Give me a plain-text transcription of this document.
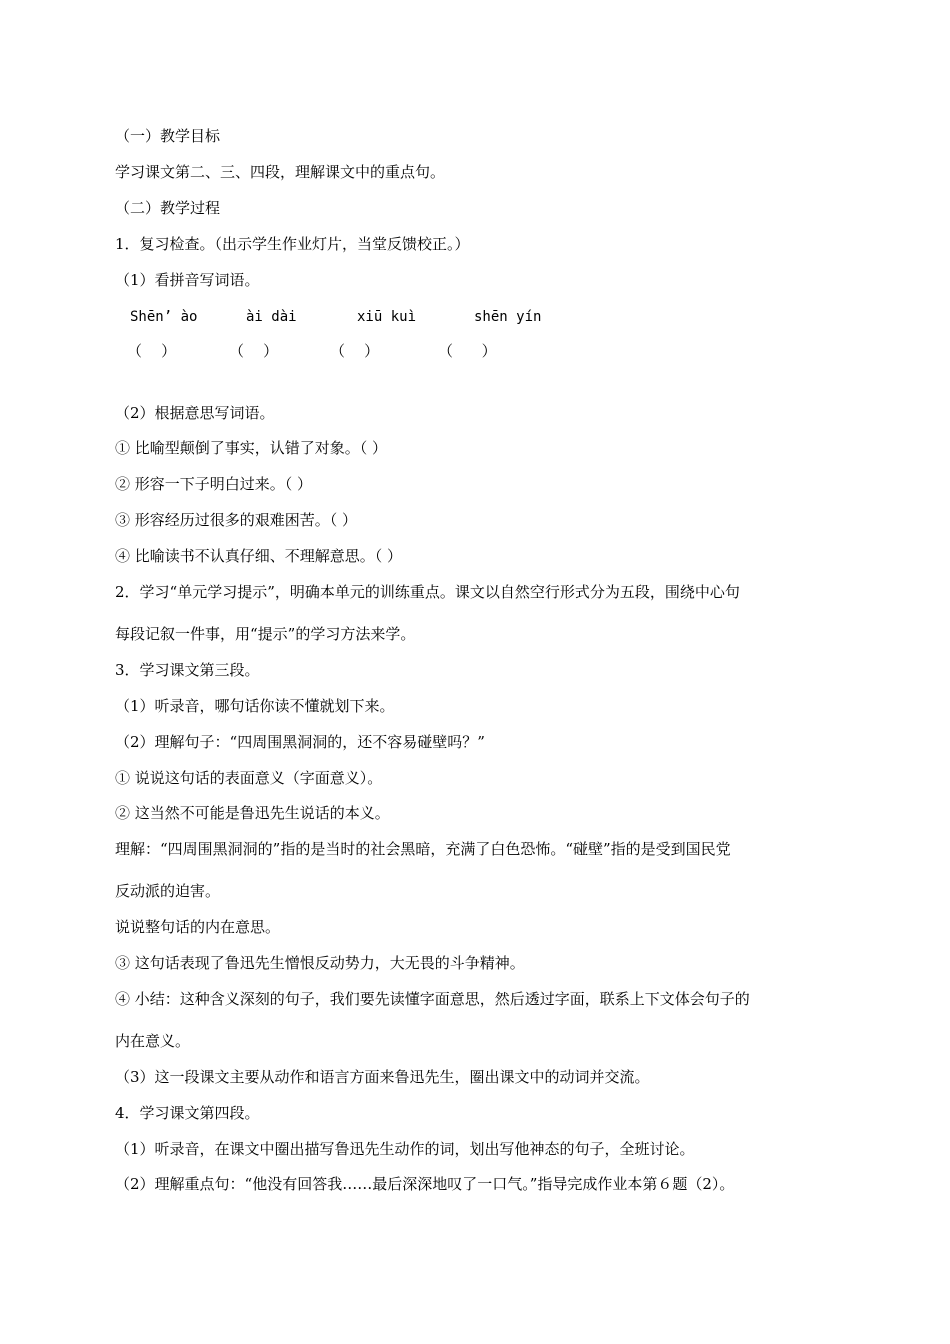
（一）教学目标
学习课文第二、三、四段，理解课文中的重点句。
（二）教学过程
1．复习检查。（出示学生作业灯片，当堂反馈校正。）
（1）看拼音写词语。
Shēn’ ào	ài dài	xiū kuì	shēn yín
（    ）	（    ）	（    ）	（      ）
（2）根据意思写词语。
① 比喻型颠倒了事实，认错了对象。（ ）
② 形容一下子明白过来。（ ）
③ 形容经历过很多的艰难困苦。（ ）
④ 比喻读书不认真仔细、不理解意思。（ ）
2．学习“单元学习提示”，明确本单元的训练重点。课文以自然空行形式分为五段，围绕中心句
每段记叙一件事，用“提示”的学习方法来学。
3．学习课文第三段。
（1）听录音，哪句话你读不懂就划下来。
（2）理解句子：“四周围黑洞洞的，还不容易碰壁吗？”
① 说说这句话的表面意义（字面意义）。
② 这当然不可能是鲁迅先生说话的本义。
理解：“四周围黑洞洞的”指的是当时的社会黑暗，充满了白色恐怖。“碰壁”指的是受到国民党
反动派的迫害。
说说整句话的内在意思。
③ 这句话表现了鲁迅先生憎恨反动势力，大无畏的斗争精神。
④ 小结：这种含义深刻的句子，我们要先读懂字面意思，然后透过字面，联系上下文体会句子的
内在意义。
（3）这一段课文主要从动作和语言方面来鲁迅先生，圈出课文中的动词并交流。
4．学习课文第四段。
（1）听录音，在课文中圈出描写鲁迅先生动作的词，划出写他神态的句子，全班讨论。
（2）理解重点句：“他没有回答我……最后深深地叹了一口气。”指导完成作业本第６题（2）。
